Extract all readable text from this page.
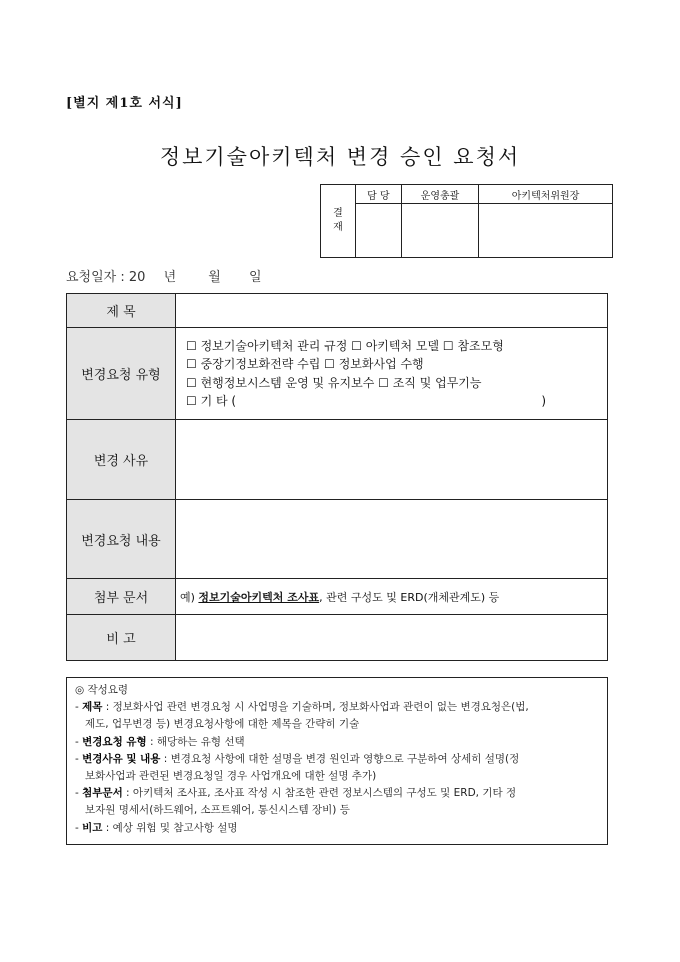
[별지 제1호 서식]
정보기술아키텍처 변경 승인 요청서
결
재	담 당	운영총괄	아키텍처위원장

요청일자 : 20 년 월 일
제 목	
변경요청 유형	☐ 정보기술아키텍처 관리 규정 ☐ 아키텍처 모델 ☐ 참조모형
☐ 중장기정보화전략 수립 ☐ 정보화사업 수행
☐ 현행정보시스템 운영 및 유지보수 ☐ 조직 및 업무기능
☐ 기 타 ( )

변경 사유	
변경요청 내용	
첨부 문서	예) 정보기술아키텍처 조사표, 관련 구성도 및 ERD(개체관계도) 등
비 고	
◎ 작성요령
- 제목 : 정보화사업 관련 변경요청 시 사업명을 기술하며, 정보화사업과 관련이 없는 변경요청은(법,
제도, 업무변경 등) 변경요청사항에 대한 제목을 간략히 기술
- 변경요청 유형 : 해당하는 유형 선택
- 변경사유 및 내용 : 변경요청 사항에 대한 설명을 변경 원인과 영향으로 구분하여 상세히 설명(정
보화사업과 관련된 변경요청일 경우 사업개요에 대한 설명 추가)
- 첨부문서 : 아키텍처 조사표, 조사표 작성 시 참조한 관련 정보시스템의 구성도 및 ERD, 기타 정
보자원 명세서(하드웨어, 소프트웨어, 통신시스템 장비) 등
- 비고 : 예상 위험 및 참고사항 설명
